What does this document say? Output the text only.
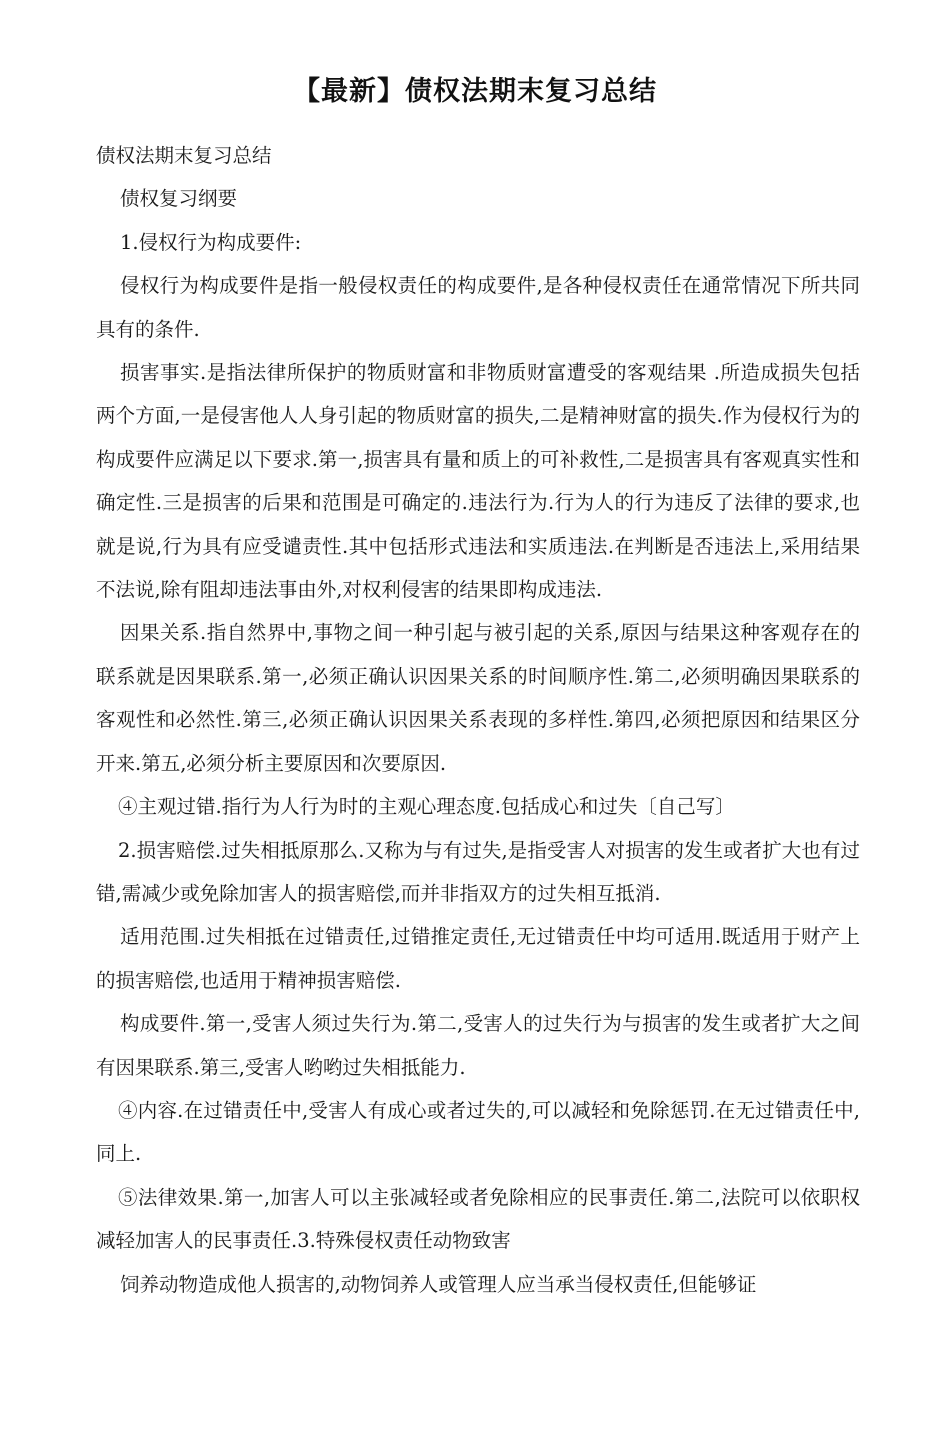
【最新】债权法期末复习总结

债权法期末复习总结

债权复习纲要

1.侵权行为构成要件:

侵权行为构成要件是指一般侵权责任的构成要件,是各种侵权责任在通常情况下所共同具有的条件.

损害事实.是指法律所保护的物质财富和非物质财富遭受的客观结果 .所造成损失包括两个方面,一是侵害他人人身引起的物质财富的损失,二是精神财富的损失.作为侵权行为的构成要件应满足以下要求.第一,损害具有量和质上的可补救性,二是损害具有客观真实性和确定性.三是损害的后果和范围是可确定的.违法行为.行为人的行为违反了法律的要求,也就是说,行为具有应受谴责性.其中包括形式违法和实质违法.在判断是否违法上,采用结果不法说,除有阻却违法事由外,对权利侵害的结果即构成违法.

因果关系.指自然界中,事物之间一种引起与被引起的关系,原因与结果这种客观存在的联系就是因果联系.第一,必须正确认识因果关系的时间顺序性.第二,必须明确因果联系的客观性和必然性.第三,必须正确认识因果关系表现的多样性.第四,必须把原因和结果区分开来.第五,必须分析主要原因和次要原因.

④主观过错.指行为人行为时的主观心理态度.包括成心和过失〔自己写〕

2.损害赔偿.过失相抵原那么.又称为与有过失,是指受害人对损害的发生或者扩大也有过错,需减少或免除加害人的损害赔偿,而并非指双方的过失相互抵消.

适用范围.过失相抵在过错责任,过错推定责任,无过错责任中均可适用.既适用于财产上的损害赔偿,也适用于精神损害赔偿.

构成要件.第一,受害人须过失行为.第二,受害人的过失行为与损害的发生或者扩大之间有因果联系.第三,受害人哟哟过失相抵能力.

④内容.在过错责任中,受害人有成心或者过失的,可以减轻和免除惩罚.在无过错责任中,同上.

⑤法律效果.第一,加害人可以主张减轻或者免除相应的民事责任.第二,法院可以依职权减轻加害人的民事责任.3.特殊侵权责任动物致害

饲养动物造成他人损害的,动物饲养人或管理人应当承当侵权责任,但能够证
